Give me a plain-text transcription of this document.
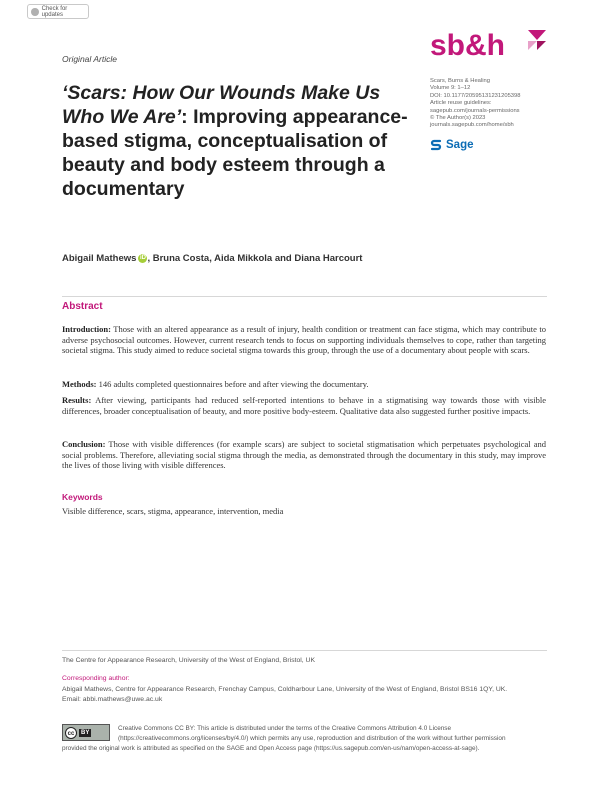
Check for updates
sb&h
Original Article
Scars, Burns & Healing
Volume 9: 1–12
DOI: 10.1177/20595131231205398
Article reuse guidelines:
sagepub.com/journals-permissions
© The Author(s) 2023
journals.sagepub.com/home/sbh
Sage
‘Scars: How Our Wounds Make Us Who We Are’: Improving appearance-based stigma, conceptualisation of beauty and body esteem through a documentary
Abigail Mathews iD , Bruna Costa, Aida Mikkola and Diana Harcourt
Abstract
Introduction: Those with an altered appearance as a result of injury, health condition or treatment can face stigma, which may contribute to adverse psychosocial outcomes. However, current research tends to focus on supporting individuals themselves to cope, rather than targeting societal stigma. This study aimed to reduce societal stigma towards this group, through the use of a documentary about people with scars.
Methods: 146 adults completed questionnaires before and after viewing the documentary.
Results: After viewing, participants had reduced self-reported intentions to behave in a stigmatising way towards those with visible differences, broader conceptualisation of beauty, and more positive body-esteem. Qualitative data also suggested further positive impacts.
Conclusion: Those with visible differences (for example scars) are subject to societal stigmatisation which perpetuates psychological and social problems. Therefore, alleviating social stigma through the media, as demonstrated through the documentary in this study, may improve the lives of those living with visible differences.
Keywords
Visible difference, scars, stigma, appearance, intervention, media
The Centre for Appearance Research, University of the West of England, Bristol, UK
Corresponding author:
Abigail Mathews, Centre for Appearance Research, Frenchay Campus, Coldharbour Lane, University of the West of England, Bristol BS16 1QY, UK.
Email: abbi.mathews@uwe.ac.uk
cc	BY
Creative Commons CC BY: This article is distributed under the terms of the Creative Commons Attribution 4.0 License (https://creativecommons.org/licenses/by/4.0/) which permits any use, reproduction and distribution of the work without further permission
provided the original work is attributed as specified on the SAGE and Open Access page (https://us.sagepub.com/en-us/nam/open-access-at-sage).
